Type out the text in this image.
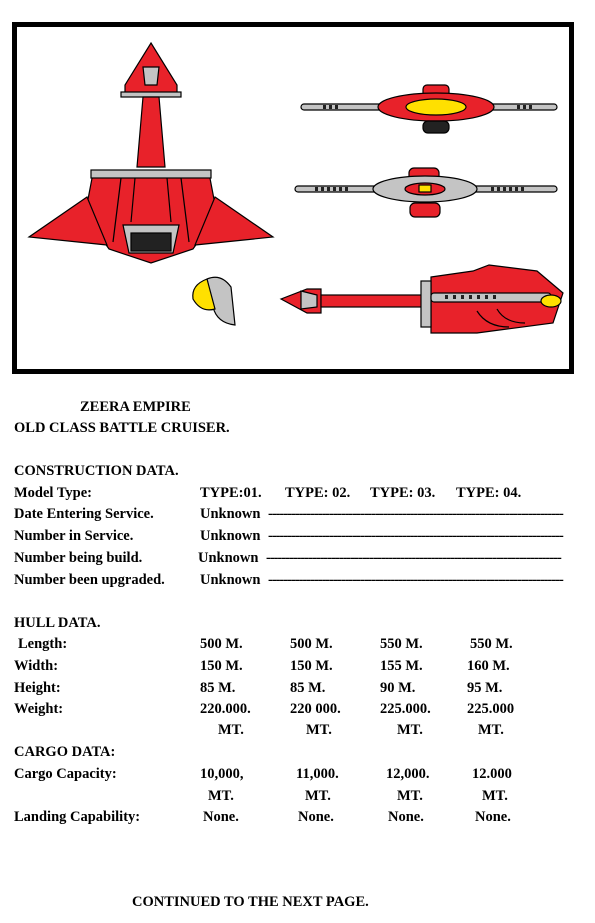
ZEERA EMPIRE
OLD CLASS BATTLE CRUISER.
CONSTRUCTION DATA.
Model Type:	TYPE:01. TYPE: 02. TYPE: 03. TYPE: 04.
Date Entering Service.	Unknown -----------------------------------------------------------------------------
Number in Service.	Unknown -----------------------------------------------------------------------------
Number being build.	Unknown -----------------------------------------------------------------------------
Number been upgraded. Unknown -----------------------------------------------------------------------------
HULL DATA.
Length:	500 M.	500 M.	550 M.	550 M.
Width:	150 M.	150 M.	155 M.	160 M.
Height:	85 M.	85 M.	90 M.	95 M.
Weight:	220.000.	220 000.	225.000.	225.000
MT.	MT.	MT.	MT.
CARGO DATA:
Cargo Capacity:	10,000,	11,000.	12,000.	12.000
MT.	MT.	MT.	MT.
Landing Capability:	None.	None.	None.	None.
CONTINUED TO THE NEXT PAGE.
